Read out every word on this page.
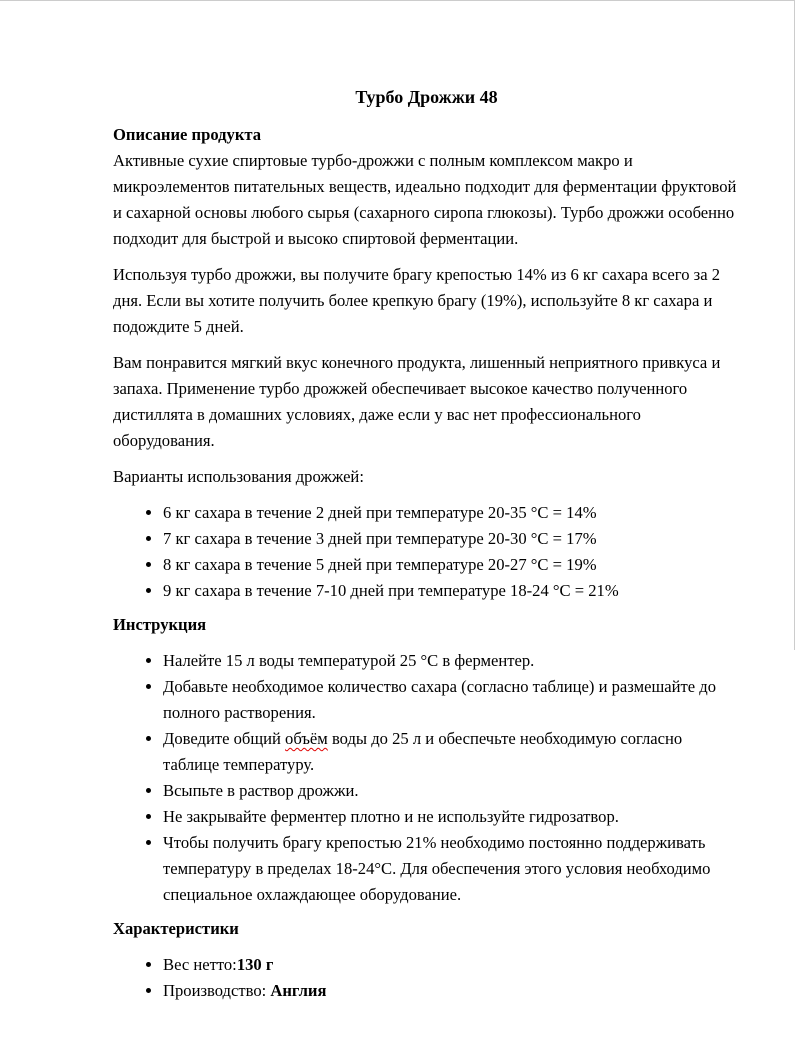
Турбо Дрожжи 48
Описание продукта

Активные сухие спиртовые турбо-дрожжи с полным комплексом макро и микроэлементов питательных веществ, идеально подходит для ферментации фруктовой и сахарной основы любого сырья (сахарного сиропа глюкозы). Турбо дрожжи особенно подходит для быстрой и высоко спиртовой ферментации.

Используя турбо дрожжи, вы получите брагу крепостью 14% из 6 кг сахара всего за 2 дня. Если вы хотите получить более крепкую брагу (19%), используйте 8 кг сахара и подождите 5 дней.

Вам понравится мягкий вкус конечного продукта, лишенный неприятного привкуса и запаха. Применение турбо дрожжей обеспечивает высокое качество полученного дистиллята в домашних условиях, даже если у вас нет профессионального оборудования.

Варианты использования дрожжей:

• 6 кг сахара в течение 2 дней при температуре 20-35 °C = 14%
• 7 кг сахара в течение 3 дней при температуре 20-30 °C = 17%
• 8 кг сахара в течение 5 дней при температуре 20-27 °C = 19%
• 9 кг сахара в течение 7-10 дней при температуре 18-24 °C = 21%
Инструкция
• Налейте 15 л воды температурой 25 °C в ферментер.
• Добавьте необходимое количество сахара (согласно таблице) и размешайте до полного растворения.
• Доведите общий объём воды до 25 л и обеспечьте необходимую согласно таблице температуру.
• Всыпьте в раствор дрожжи.
• Не закрывайте ферментер плотно и не используйте гидрозатвор.
• Чтобы получить брагу крепостью 21% необходимо постоянно поддерживать температуру в пределах 18-24°C. Для обеспечения этого условия необходимо специальное охлаждающее оборудование.
Характеристики
• Вес нетто:130 г
• Производство: Англия
